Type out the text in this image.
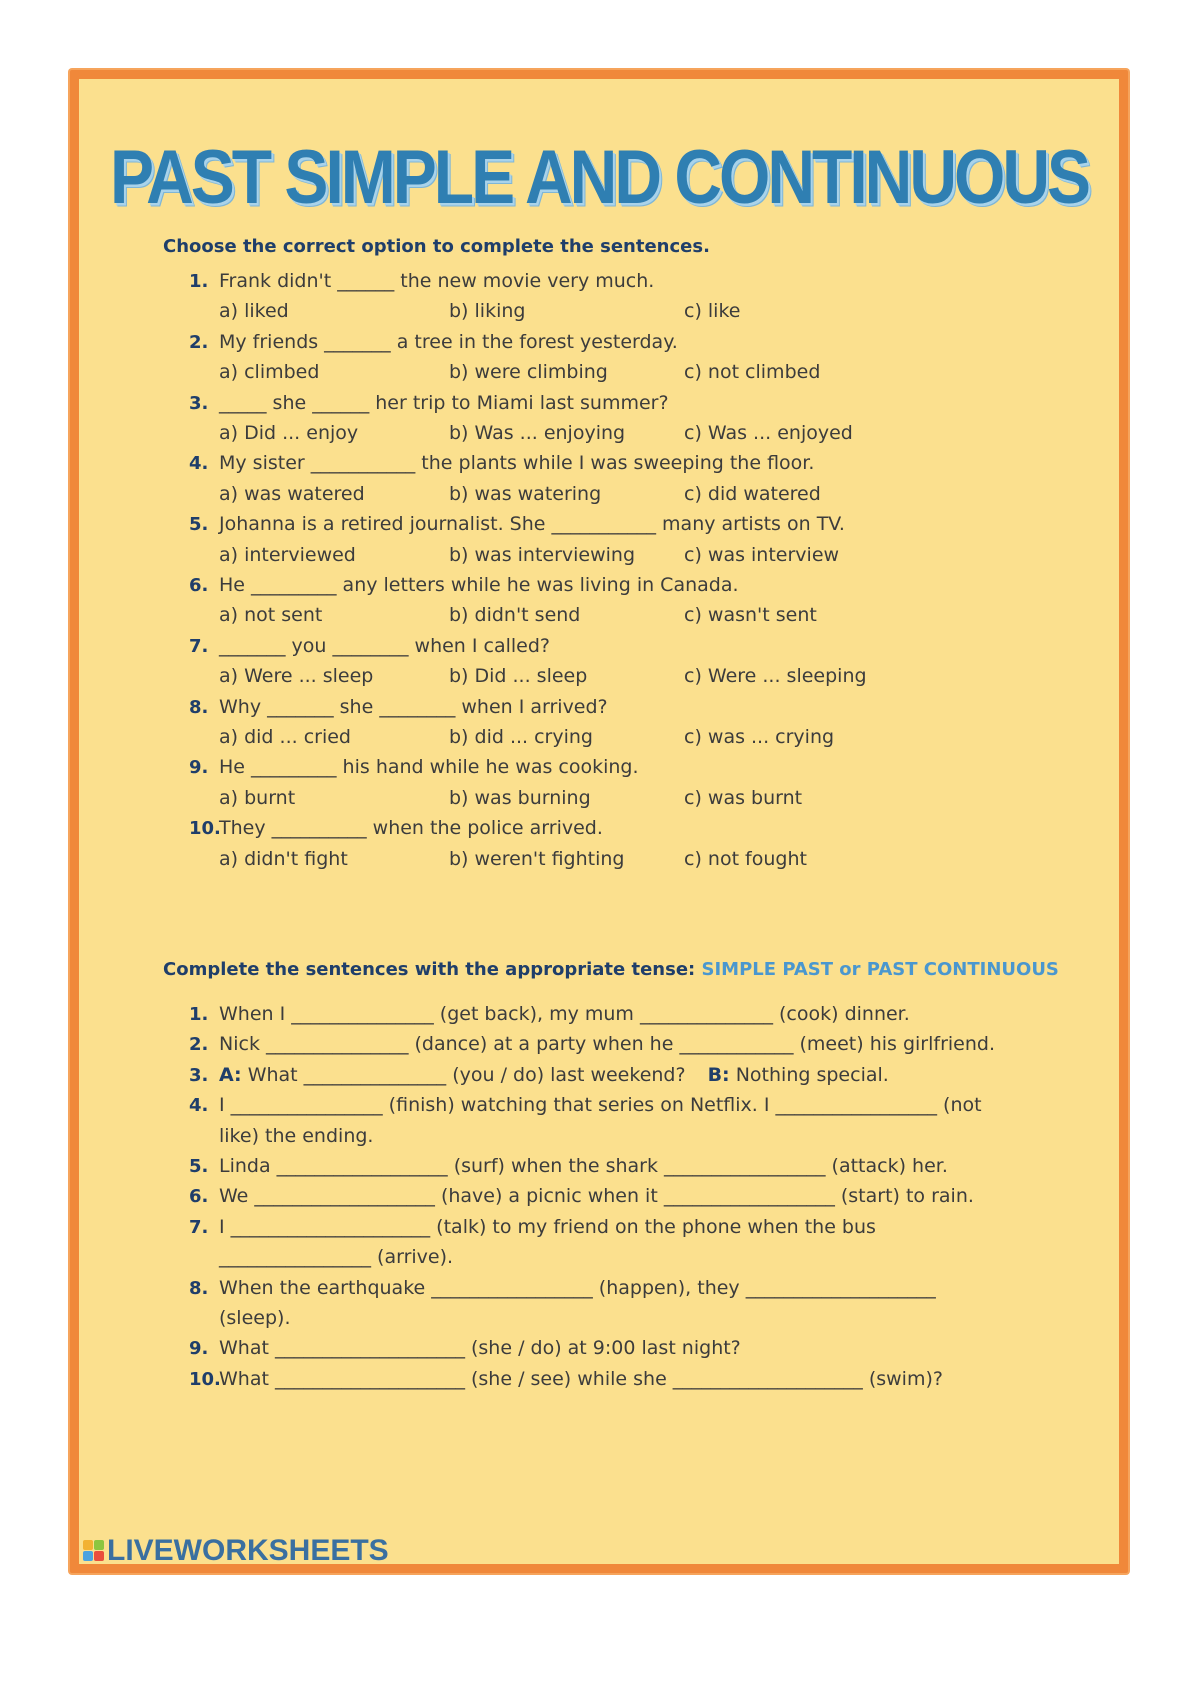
PAST SIMPLE AND CONTINUOUS
Choose the correct option to complete the sentences.
1. Frank didn't ______ the new movie very much.
a) liked	b) liking	c) like
2. My friends _______ a tree in the forest yesterday.
a) climbed	b) were climbing	c) not climbed
3. _____ she ______ her trip to Miami last summer?
a) Did ... enjoy	b) Was ... enjoying	c) Was ... enjoyed
4. My sister ___________ the plants while I was sweeping the floor.
a) was watered	b) was watering	c) did watered
5. Johanna is a retired journalist. She ___________ many artists on TV.
a) interviewed	b) was interviewing	c) was interview
6. He _________ any letters while he was living in Canada.
a) not sent	b) didn't send	c) wasn't sent
7. _______ you ________ when I called?
a) Were ... sleep	b) Did ... sleep	c) Were ... sleeping
8. Why _______ she ________ when I arrived?
a) did ... cried	b) did ... crying	c) was ... crying
9. He _________ his hand while he was cooking.
a) burnt	b) was burning	c) was burnt
10.
They __________ when the police arrived.
a) didn't fight	b) weren't fighting	c) not fought
Complete the sentences with the appropriate tense: SIMPLE PAST or PAST CONTINUOUS
1. When I _______________ (get back), my mum ______________ (cook) dinner.
2. Nick _______________ (dance) at a party when he ____________ (meet) his girlfriend.
3. A: What _______________ (you / do) last weekend? B: Nothing special.
4. I ________________ (finish) watching that series on Netflix. I _________________ (not
like) the ending.
5. Linda __________________ (surf) when the shark _________________ (attack) her.
6. We ___________________ (have) a picnic when it __________________ (start) to rain.
7. I _____________________ (talk) to my friend on the phone when the bus
________________ (arrive).
8. When the earthquake _________________ (happen), they ____________________
(sleep).
9. What ____________________ (she / do) at 9:00 last night?
10.
What ____________________ (she / see) while she ____________________ (swim)?
LIVEWORKSHEETS
